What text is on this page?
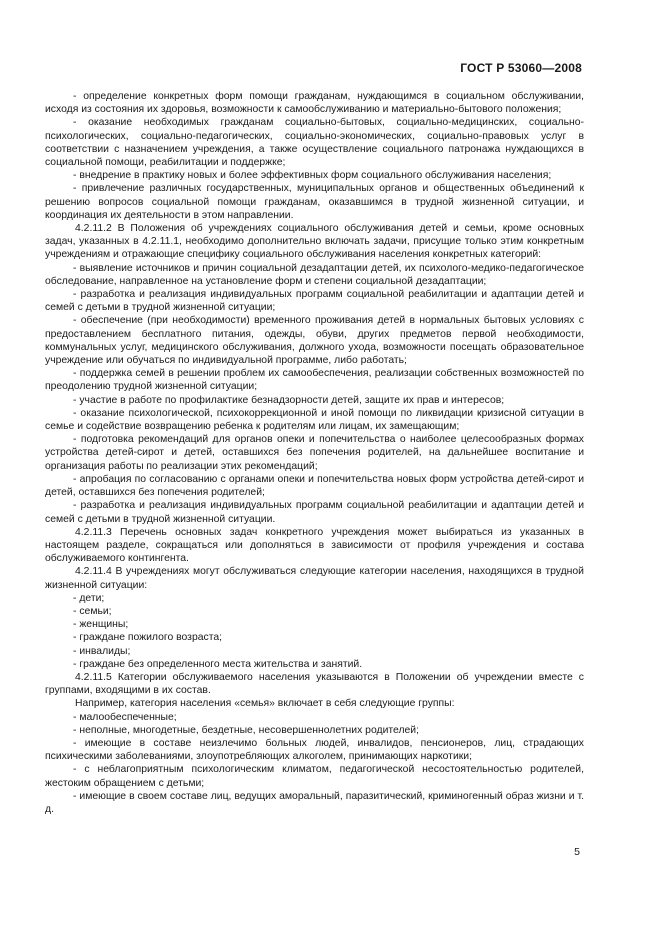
ГОСТ Р 53060—2008

- определение конкретных форм помощи гражданам, нуждающимся в социальном обслуживании, исходя из состояния их здоровья, возможности к самообслуживанию и материально-бытового положения;

- оказание необходимых гражданам социально-бытовых, социально-медицинских, социально-психологических, социально-педагогических, социально-экономических, социально-правовых услуг в соответствии с назначением учреждения, а также осуществление социального патронажа нуждающихся в социальной помощи, реабилитации и поддержке;

- внедрение в практику новых и более эффективных форм социального обслуживания населения;

- привлечение различных государственных, муниципальных органов и общественных объединений к решению вопросов социальной помощи гражданам, оказавшимся в трудной жизненной ситуации, и координация их деятельности в этом направлении.

4.2.11.2 В Положения об учреждениях социального обслуживания детей и семьи, кроме основных задач, указанных в 4.2.11.1, необходимо дополнительно включать задачи, присущие только этим конкретным учреждениям и отражающие специфику социального обслуживания населения конкретных категорий:

- выявление источников и причин социальной дезадаптации детей, их психолого-медико-педагогическое обследование, направленное на установление форм и степени социальной дезадаптации;

- разработка и реализация индивидуальных программ социальной реабилитации и адаптации детей и семей с детьми в трудной жизненной ситуации;

- обеспечение (при необходимости) временного проживания детей в нормальных бытовых условиях с предоставлением бесплатного питания, одежды, обуви, других предметов первой необходимости, коммунальных услуг, медицинского обслуживания, должного ухода, возможности посещать образовательное учреждение или обучаться по индивидуальной программе, либо работать;

- поддержка семей в решении проблем их самообеспечения, реализации собственных возможностей по преодолению трудной жизненной ситуации;

- участие в работе по профилактике безнадзорности детей, защите их прав и интересов;

- оказание психологической, психокоррекционной и иной помощи по ликвидации кризисной ситуации в семье и содействие возвращению ребенка к родителям или лицам, их замещающим;

- подготовка рекомендаций для органов опеки и попечительства о наиболее целесообразных формах устройства детей-сирот и детей, оставшихся без попечения родителей, на дальнейшее воспитание и организация работы по реализации этих рекомендаций;

- апробация по согласованию с органами опеки и попечительства новых форм устройства детей-сирот и детей, оставшихся без попечения родителей;

- разработка и реализация индивидуальных программ социальной реабилитации и адаптации детей и семей с детьми в трудной жизненной ситуации.

4.2.11.3 Перечень основных задач конкретного учреждения может выбираться из указанных в настоящем разделе, сокращаться или дополняться в зависимости от профиля учреждения и состава обслуживаемого контингента.

4.2.11.4 В учреждениях могут обслуживаться следующие категории населения, находящихся в трудной жизненной ситуации:

- дети;

- семьи;

- женщины;

- граждане пожилого возраста;

- инвалиды;

- граждане без определенного места жительства и занятий.

4.2.11.5 Категории обслуживаемого населения указываются в Положении об учреждении вместе с группами, входящими в их состав.

Например, категория населения «семья» включает в себя следующие группы:

- малообеспеченные;

- неполные, многодетные, бездетные, несовершеннолетних родителей;

- имеющие в составе неизлечимо больных людей, инвалидов, пенсионеров, лиц, страдающих психическими заболеваниями, злоупотребляющих алкоголем, принимающих наркотики;

- с неблагоприятным психологическим климатом, педагогической несостоятельностью родителей, жестоким обращением с детьми;

- имеющие в своем составе лиц, ведущих аморальный, паразитический, криминогенный образ жизни и т. д.

5
